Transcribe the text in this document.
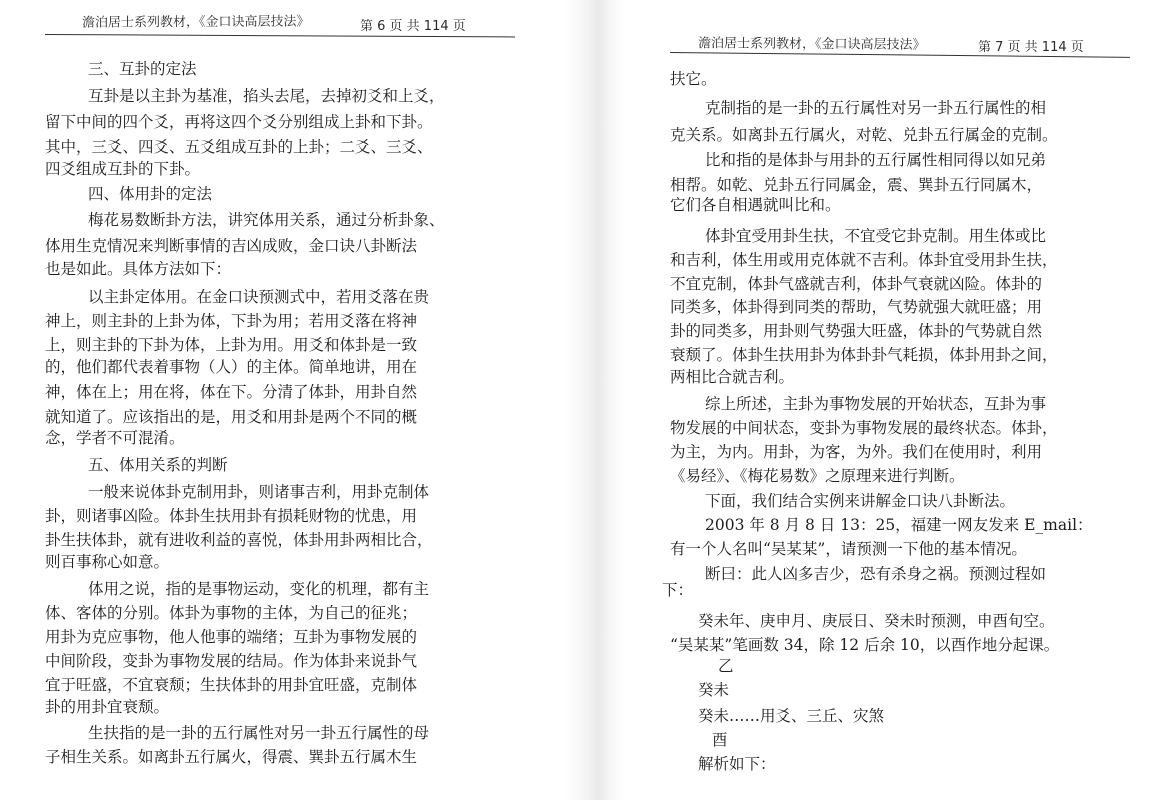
澹泊居士系列教材，《金口诀高层技法》	第 6 页 共 114 页
三、互卦的定法
互卦是以主卦为基准，掐头去尾，去掉初爻和上爻，
留下中间的四个爻，再将这四个爻分别组成上卦和下卦。
其中，三爻、四爻、五爻组成互卦的上卦；二爻、三爻、
四爻组成互卦的下卦。
四、体用卦的定法
梅花易数断卦方法，讲究体用关系，通过分析卦象、
体用生克情况来判断事情的吉凶成败，金口诀八卦断法
也是如此。具体方法如下：
以主卦定体用。在金口诀预测式中，若用爻落在贵
神上，则主卦的上卦为体，下卦为用；若用爻落在将神
上，则主卦的下卦为体，上卦为用。用爻和体卦是一致
的，他们都代表着事物（人）的主体。简单地讲，用在
神，体在上；用在将，体在下。分清了体卦，用卦自然
就知道了。应该指出的是，用爻和用卦是两个不同的概
念，学者不可混淆。
五、体用关系的判断
一般来说体卦克制用卦，则诸事吉利，用卦克制体
卦，则诸事凶险。体卦生扶用卦有损耗财物的忧患，用
卦生扶体卦，就有进收利益的喜悦，体卦用卦两相比合，
则百事称心如意。
体用之说，指的是事物运动，变化的机理，都有主
体、客体的分别。体卦为事物的主体，为自己的征兆；
用卦为克应事物，他人他事的端绪；互卦为事物发展的
中间阶段，变卦为事物发展的结局。作为体卦来说卦气
宜于旺盛，不宜衰颓；生扶体卦的用卦宜旺盛，克制体
卦的用卦宜衰颓。
生扶指的是一卦的五行属性对另一卦五行属性的母
子相生关系。如离卦五行属火，得震、巽卦五行属木生
澹泊居士系列教材，《金口诀高层技法》	第 7 页 共 114 页
扶它。
克制指的是一卦的五行属性对另一卦五行属性的相
克关系。如离卦五行属火，对乾、兑卦五行属金的克制。
比和指的是体卦与用卦的五行属性相同得以如兄弟
相帮。如乾、兑卦五行同属金，震、巽卦五行同属木，
它们各自相遇就叫比和。
体卦宜受用卦生扶，不宜受它卦克制。用生体或比
和吉利，体生用或用克体就不吉利。体卦宜受用卦生扶，
不宜克制，体卦气盛就吉利，体卦气衰就凶险。体卦的
同类多，体卦得到同类的帮助，气势就强大就旺盛；用
卦的同类多，用卦则气势强大旺盛，体卦的气势就自然
衰颓了。体卦生扶用卦为体卦卦气耗损，体卦用卦之间，
两相比合就吉利。
综上所述，主卦为事物发展的开始状态，互卦为事
物发展的中间状态，变卦为事物发展的最终状态。体卦，
为主，为内。用卦，为客，为外。我们在使用时，利用
《易经》、《梅花易数》之原理来进行判断。
下面，我们结合实例来讲解金口诀八卦断法。
2003 年 8 月 8 日 13：25，福建一网友发来 E_mail：
有一个人名叫“吴某某”，请预测一下他的基本情况。
断曰：此人凶多吉少，恐有杀身之祸。预测过程如
下：
癸未年、庚申月、庚辰日、癸未时预测，申酉旬空。
“吴某某”笔画数 34，除 12 后余 10，以酉作地分起课。
乙
癸未
癸未……用爻、三丘、灾煞
酉
解析如下：
